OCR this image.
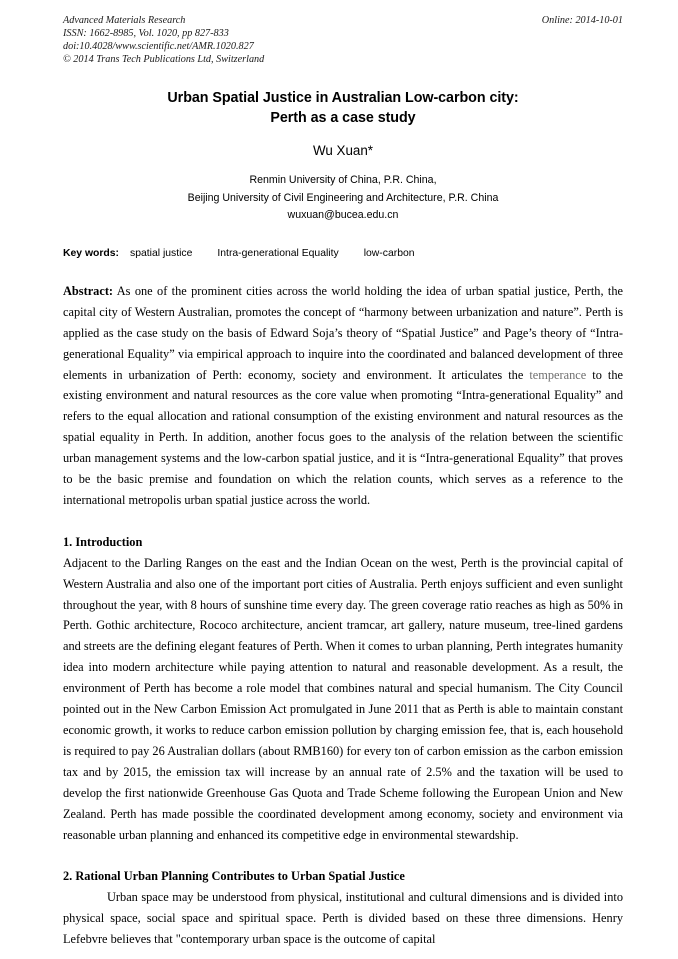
Advanced Materials Research
ISSN: 1662-8985, Vol. 1020, pp 827-833
doi:10.4028/www.scientific.net/AMR.1020.827
© 2014 Trans Tech Publications Ltd, Switzerland
Online: 2014-10-01
Urban Spatial Justice in Australian Low-carbon city:
Perth as a case study
Wu Xuan*
Renmin University of China, P.R. China,
Beijing University of Civil Engineering and Architecture, P.R. China
wuxuan@bucea.edu.cn
Key words: spatial justice Intra-generational Equality low-carbon

Abstract: As one of the prominent cities across the world holding the idea of urban spatial justice, Perth, the capital city of Western Australian, promotes the concept of “harmony between urbanization and nature”. Perth is applied as the case study on the basis of Edward Soja’s theory of “Spatial Justice” and Page’s theory of “Intra-generational Equality” via empirical approach to inquire into the coordinated and balanced development of three elements in urbanization of Perth: economy, society and environment. It articulates the temperance to the existing environment and natural resources as the core value when promoting “Intra-generational Equality” and refers to the equal allocation and rational consumption of the existing environment and natural resources as the spatial equality in Perth. In addition, another focus goes to the analysis of the relation between the scientific urban management systems and the low-carbon spatial justice, and it is “Intra-generational Equality” that proves to be the basic premise and foundation on which the relation counts, which serves as a reference to the international metropolis urban spatial justice across the world.

1. Introduction

Adjacent to the Darling Ranges on the east and the Indian Ocean on the west, Perth is the provincial capital of Western Australia and also one of the important port cities of Australia. Perth enjoys sufficient and even sunlight throughout the year, with 8 hours of sunshine time every day. The green coverage ratio reaches as high as 50% in Perth. Gothic architecture, Rococo architecture, ancient tramcar, art gallery, nature museum, tree-lined gardens and streets are the defining elegant features of Perth. When it comes to urban planning, Perth integrates humanity idea into modern architecture while paying attention to natural and reasonable development. As a result, the environment of Perth has become a role model that combines natural and special humanism. The City Council pointed out in the New Carbon Emission Act promulgated in June 2011 that as Perth is able to maintain constant economic growth, it works to reduce carbon emission pollution by charging emission fee, that is, each household is required to pay 26 Australian dollars (about RMB160) for every ton of carbon emission as the carbon emission tax and by 2015, the emission tax will increase by an annual rate of 2.5% and the taxation will be used to develop the first nationwide Greenhouse Gas Quota and Trade Scheme following the European Union and New Zealand. Perth has made possible the coordinated development among economy, society and environment via reasonable urban planning and enhanced its competitive edge in environmental stewardship.

2. Rational Urban Planning Contributes to Urban Spatial Justice

Urban space may be understood from physical, institutional and cultural dimensions and is divided into physical space, social space and spiritual space. Perth is divided based on these three dimensions. Henry Lefebvre believes that "contemporary urban space is the outcome of capital
